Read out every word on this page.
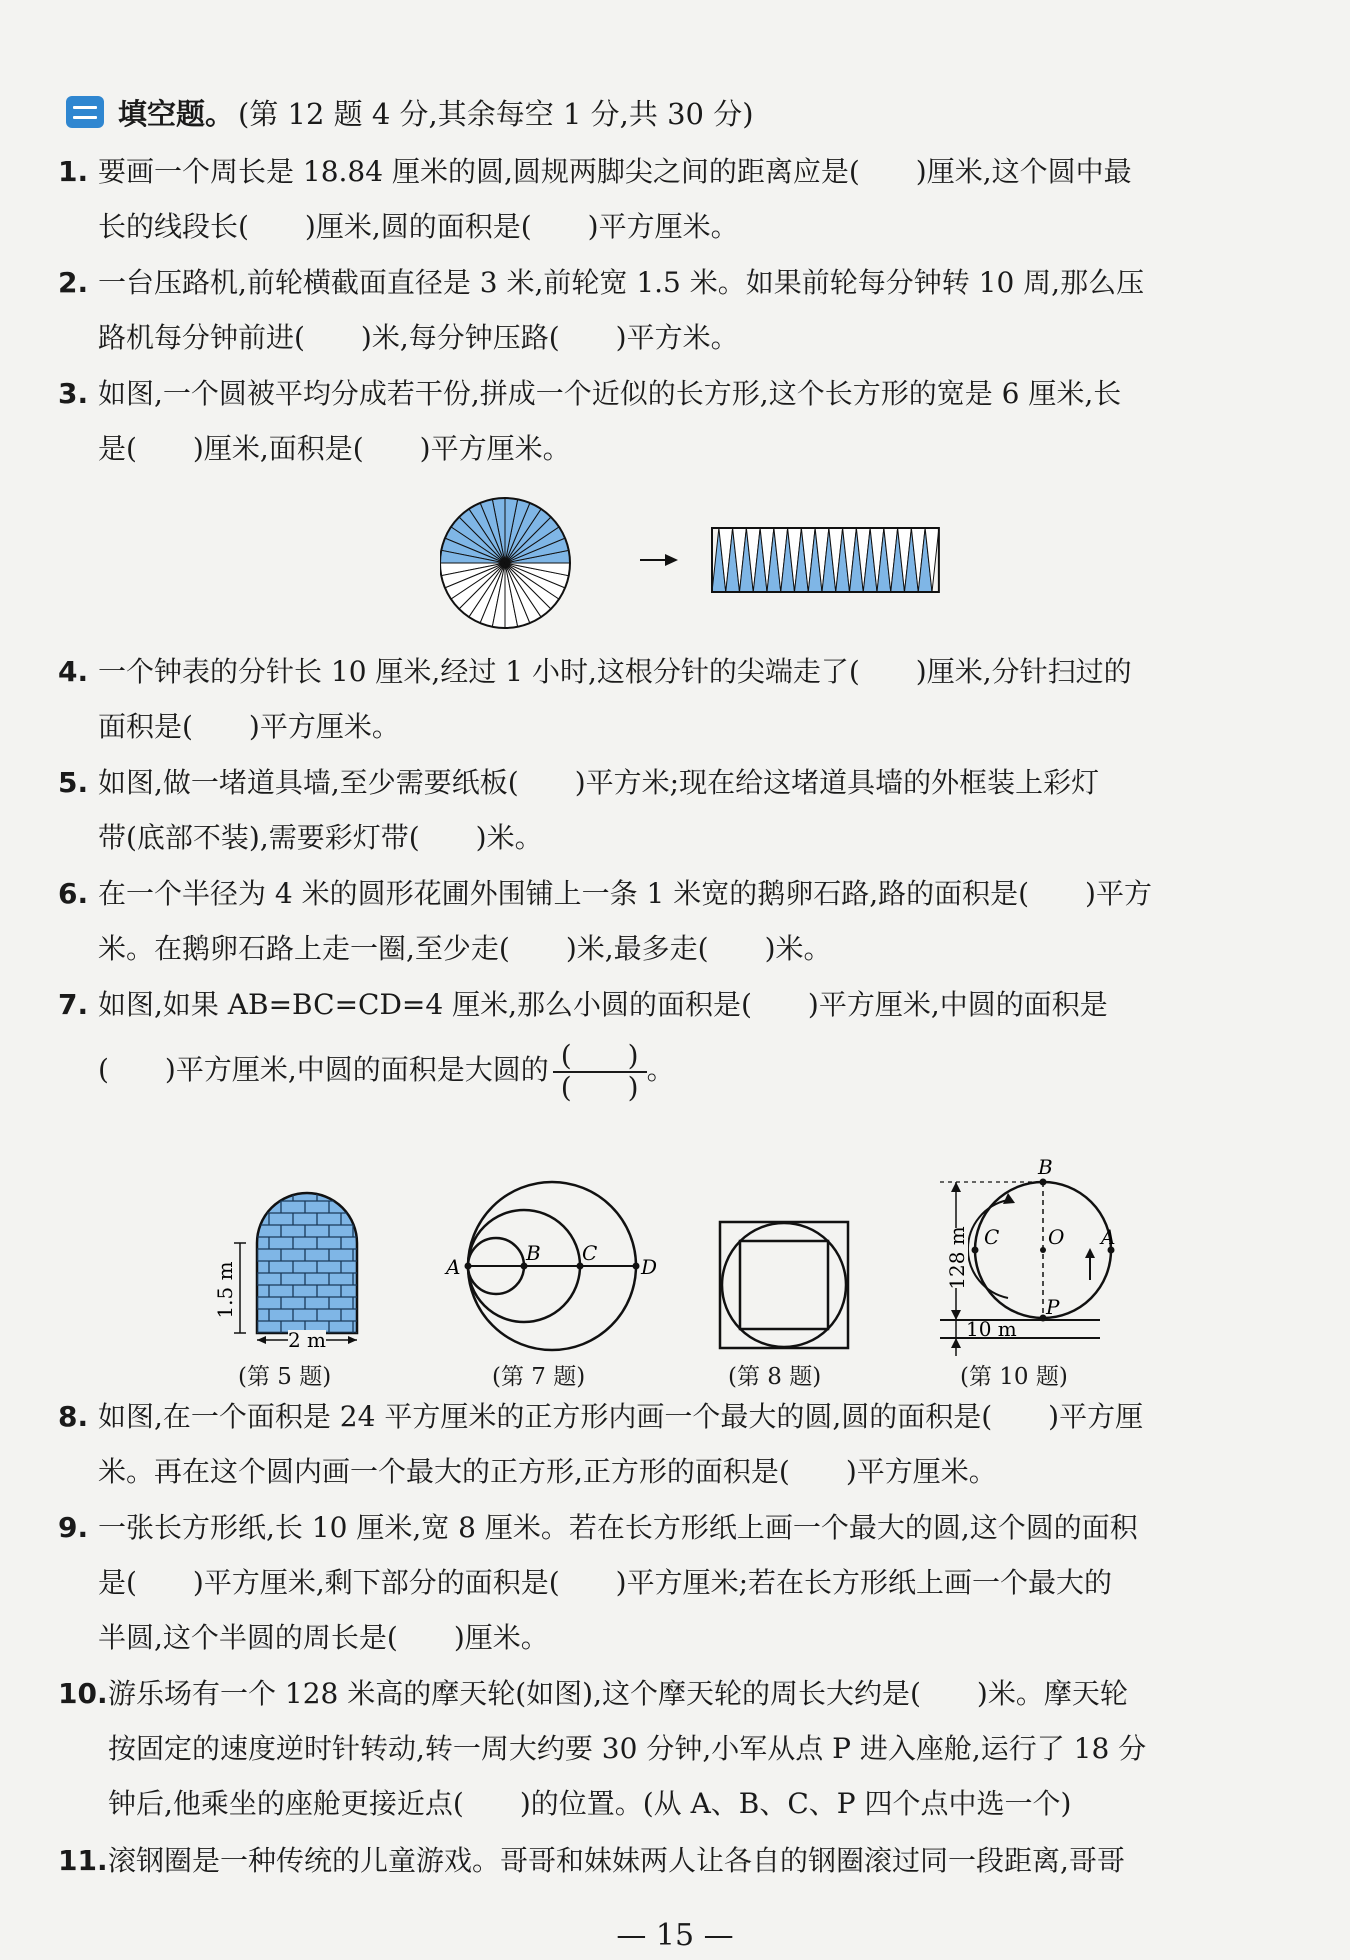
填空题。 (第 12 题 4 分,其余每空 1 分,共 30 分)
1. 要画一个周长是 18.84 厘米的圆,圆规两脚尖之间的距离应是(　　)厘米,这个圆中最
长的线段长(　　)厘米,圆的面积是(　　)平方厘米。
2. 一台压路机,前轮横截面直径是 3 米,前轮宽 1.5 米。如果前轮每分钟转 10 周,那么压
路机每分钟前进(　　)米,每分钟压路(　　)平方米。
3. 如图,一个圆被平均分成若干份,拼成一个近似的长方形,这个长方形的宽是 6 厘米,长
是(　　)厘米,面积是(　　)平方厘米。
4. 一个钟表的分针长 10 厘米,经过 1 小时,这根分针的尖端走了(　　)厘米,分针扫过的
面积是(　　)平方厘米。
5. 如图,做一堵道具墙,至少需要纸板(　　)平方米;现在给这堵道具墙的外框装上彩灯
带(底部不装),需要彩灯带(　　)米。
6. 在一个半径为 4 米的圆形花圃外围铺上一条 1 米宽的鹅卵石路,路的面积是(　　)平方
米。在鹅卵石路上走一圈,至少走(　　)米,最多走(　　)米。
7. 如图,如果 AB=BC=CD=4 厘米,那么小圆的面积是(　　)平方厘米,中圆的面积是
(　　)平方厘米,中圆的面积是大圆的 $\frac{( )}{( )}$ 。
1.5 m
2 m
(第 5 题)
A
B C
D
(第 7 题)	(第 8 题)
128 m
10 m
B
C O A
P
(第 10 题)
8. 如图,在一个面积是 24 平方厘米的正方形内画一个最大的圆,圆的面积是(　　)平方厘
米。再在这个圆内画一个最大的正方形,正方形的面积是(　　)平方厘米。
9. 一张长方形纸,长 10 厘米,宽 8 厘米。若在长方形纸上画一个最大的圆,这个圆的面积
是(　　)平方厘米,剩下部分的面积是(　　)平方厘米;若在长方形纸上画一个最大的
半圆,这个半圆的周长是(　　)厘米。
10.游乐场有一个 128 米高的摩天轮(如图),这个摩天轮的周长大约是(　　)米。摩天轮
按固定的速度逆时针转动,转一周大约要 30 分钟,小军从点 P 进入座舱,运行了 18 分
钟后,他乘坐的座舱更接近点(　　)的位置。(从 A、B、C、P 四个点中选一个)
11.滚钢圈是一种传统的儿童游戏。哥哥和妹妹两人让各自的钢圈滚过同一段距离,哥哥
— 15 —
